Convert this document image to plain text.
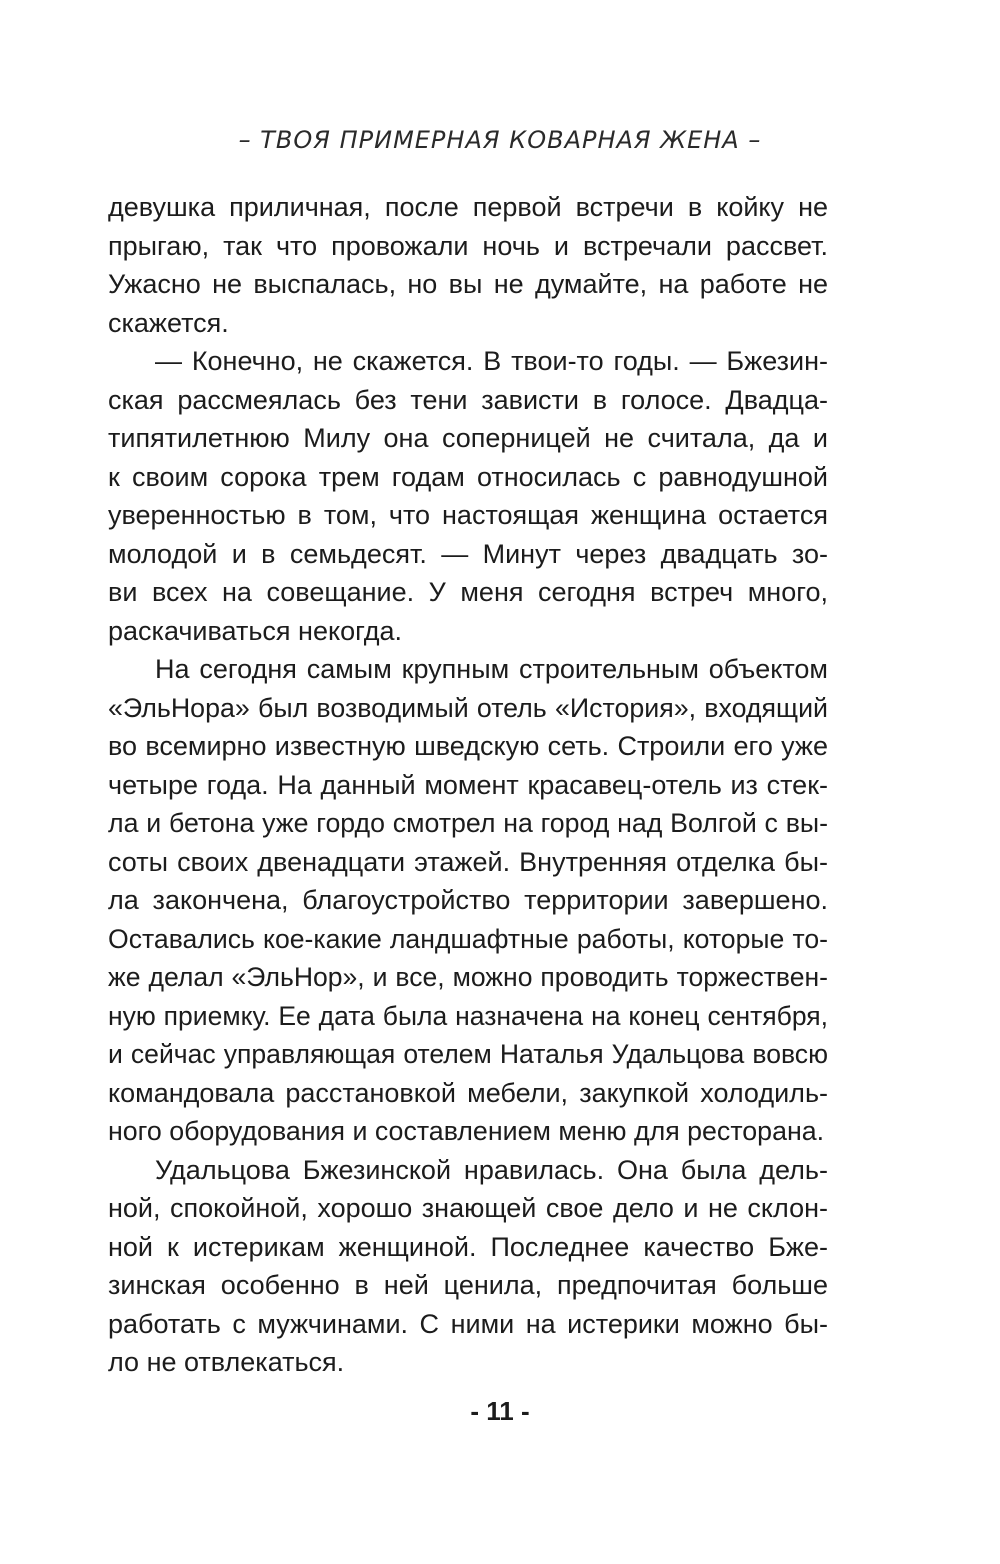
– ТВОЯ ПРИМЕРНАЯ КОВАРНАЯ ЖЕНА –
девушка приличная, после первой встречи в койку не
прыгаю, так что провожали ночь и встречали рассвет.
Ужасно не выспалась, но вы не думайте, на работе не
скажется.
— Конечно, не скажется. В твои-то годы. — Бжезин-
ская рассмеялась без тени зависти в голосе. Двадца-
типятилетнюю Милу она соперницей не считала, да и
к своим сорока трем годам относилась с равнодушной
уверенностью в том, что настоящая женщина остается
молодой и в семьдесят. — Минут через двадцать зо-
ви всех на совещание. У меня сегодня встреч много,
раскачиваться некогда.
На сегодня самым крупным строительным объектом
«ЭльНора» был возводимый отель «История», входящий
во всемирно известную шведскую сеть. Строили его уже
четыре года. На данный момент красавец-отель из стек-
ла и бетона уже гордо смотрел на город над Волгой с вы-
соты своих двенадцати этажей. Внутренняя отделка бы-
ла закончена, благоустройство территории завершено.
Оставались кое-какие ландшафтные работы, которые то-
же делал «ЭльНор», и все, можно проводить торжествен-
ную приемку. Ее дата была назначена на конец сентября,
и сейчас управляющая отелем Наталья Удальцова вовсю
командовала расстановкой мебели, закупкой холодиль-
ного оборудования и составлением меню для ресторана.
Удальцова Бжезинской нравилась. Она была дель-
ной, спокойной, хорошо знающей свое дело и не склон-
ной к истерикам женщиной. Последнее качество Бже-
зинская особенно в ней ценила, предпочитая больше
работать с мужчинами. С ними на истерики можно бы-
ло не отвлекаться.
- 11 -
